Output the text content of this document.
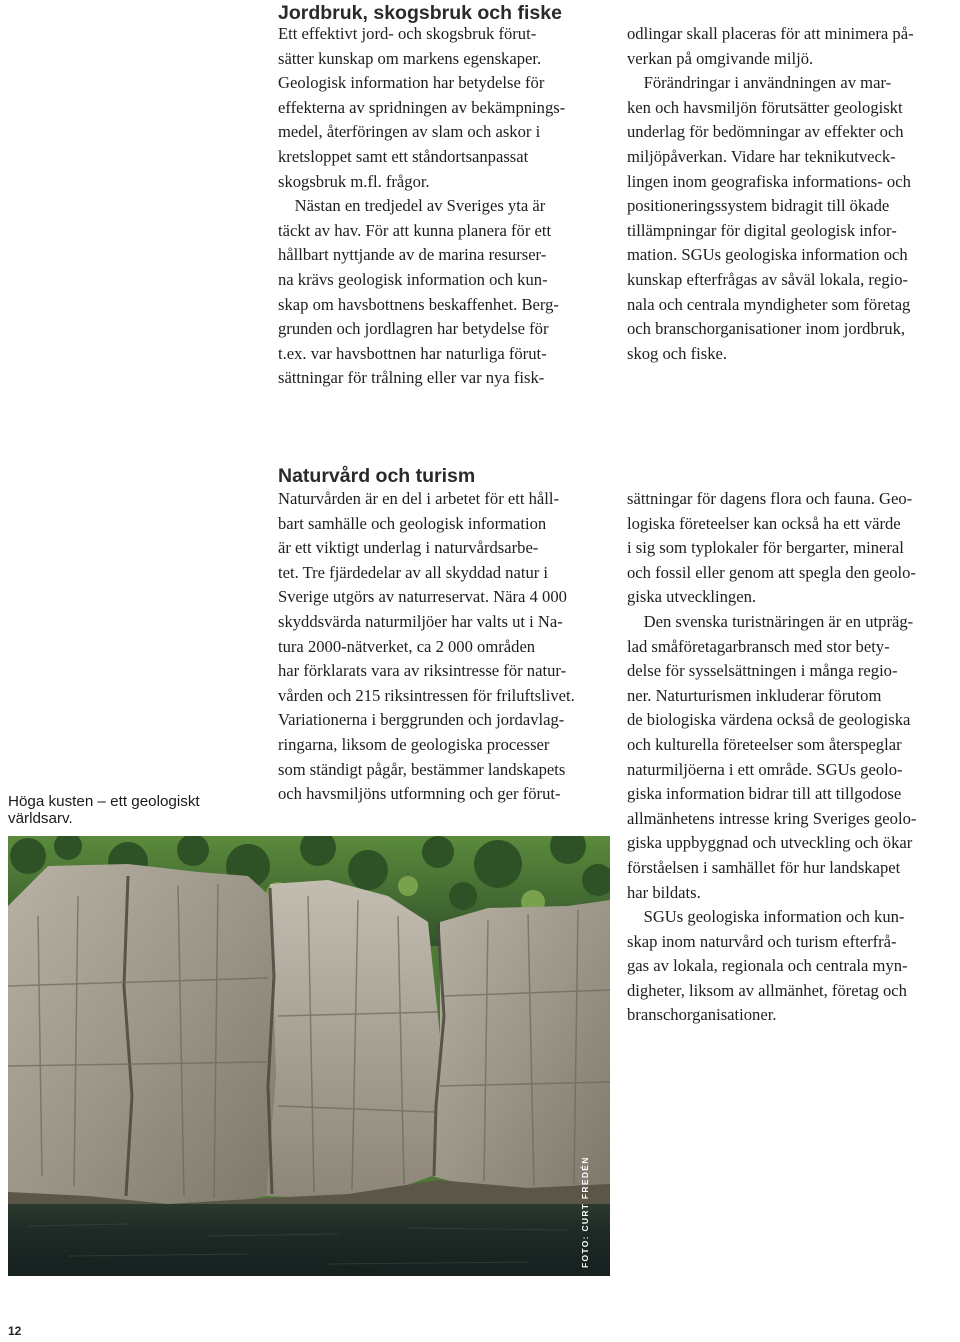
Jordbruk, skogsbruk och fiske
Ett effektivt jord- och skogsbruk förut-
sätter kunskap om markens egenskaper.
Geologisk information har betydelse för
effekterna av spridningen av bekämpnings-
medel, återföringen av slam och askor i
kretsloppet samt ett ståndortsanpassat
skogsbruk m.fl. frågor.
Nästan en tredjedel av Sveriges yta är
täckt av hav. För att kunna planera för ett
hållbart nyttjande av de marina resurser-
na krävs geologisk information och kun-
skap om havsbottnens beskaffenhet. Berg-
grunden och jordlagren har betydelse för
t.ex. var havsbottnen har naturliga förut-
sättningar för trålning eller var nya fisk-
odlingar skall placeras för att minimera på-
verkan på omgivande miljö.
Förändringar i användningen av mar-
ken och havsmiljön förutsätter geologiskt
underlag för bedömningar av effekter och
miljöpåverkan. Vidare har teknikutveck-
lingen inom geografiska informations- och
positioneringssystem bidragit till ökade
tillämpningar för digital geologisk infor-
mation. SGUs geologiska information och
kunskap efterfrågas av såväl lokala, regio-
nala och centrala myndigheter som företag
och branschorganisationer inom jordbruk,
skog och fiske.
Naturvård och turism
Naturvården är en del i arbetet för ett håll-
bart samhälle och geologisk information
är ett viktigt underlag i naturvårdsarbe-
tet. Tre fjärdedelar av all skyddad natur i
Sverige utgörs av naturreservat. Nära 4 000
skyddsvärda naturmiljöer har valts ut i Na-
tura 2000-nätverket, ca 2 000 områden
har förklarats vara av riksintresse för natur-
vården och 215 riksintressen för friluftslivet.
Variationerna i berggrunden och jordavlag-
ringarna, liksom de geologiska processer
som ständigt pågår, bestämmer landskapets
och havsmiljöns utformning och ger förut-
sättningar för dagens flora och fauna. Geo-
logiska företeelser kan också ha ett värde
i sig som typlokaler för bergarter, mineral
och fossil eller genom att spegla den geolo-
giska utvecklingen.
Den svenska turistnäringen är en utpräg-
lad småföretagarbransch med stor bety-
delse för sysselsättningen i många regio-
ner. Naturturismen inkluderar förutom
de biologiska värdena också de geologiska
och kulturella företeelser som återspeglar
naturmiljöerna i ett område. SGUs geolo-
giska information bidrar till att tillgodose
allmänhetens intresse kring Sveriges geolo-
giska uppbyggnad och utveckling och ökar
förståelsen i samhället för hur landskapet
har bildats.
SGUs geologiska information och kun-
skap inom naturvård och turism efterfrå-
gas av lokala, regionala och centrala myn-
digheter, liksom av allmänhet, företag och
branschorganisationer.
Höga kusten – ett geologiskt världsarv.
FOTO: CURT FREDÉN
12
